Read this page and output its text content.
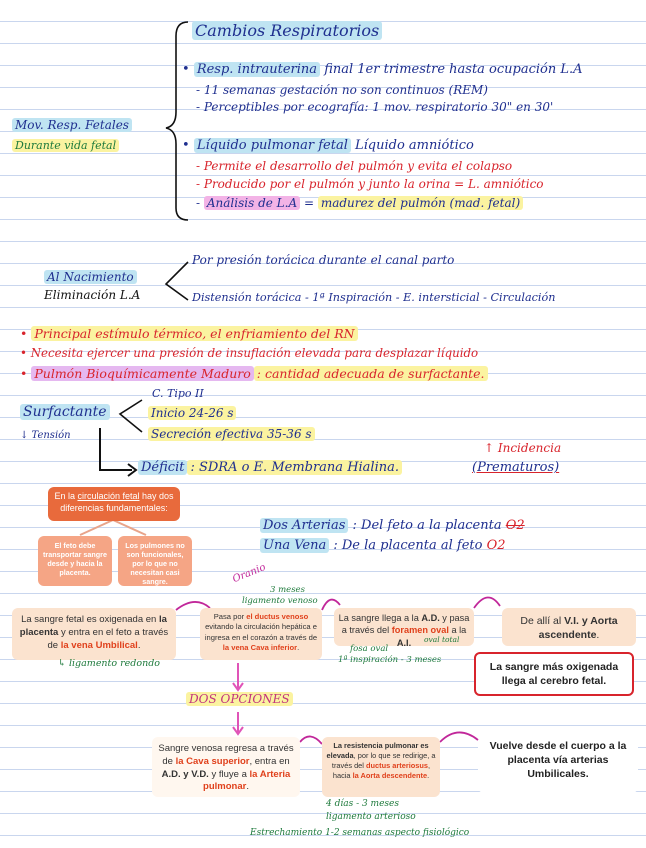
Cambios Respiratorios
Mov. Resp. Fetales
Durante vida fetal
• Resp. intrauterina final 1er trimestre hasta ocupación L.A
- 11 semanas gestación no son continuos (REM)
- Perceptibles por ecografía: 1 mov. respiratorio 30" en 30'
• Líquido pulmonar fetal Líquido amniótico
- Permite el desarrollo del pulmón y evita el colapso
- Producido por el pulmón y junto la orina = L. amniótico
- Análisis de L.A = madurez del pulmón (mad. fetal)
Al Nacimiento
Eliminación L.A
Por presión torácica durante el canal parto
Distensión torácica - 1ª Inspiración - E. intersticial - Circulación
• Principal estímulo térmico, el enfriamiento del RN
• Necesita ejercer una presión de insuflación elevada para desplazar líquido
• Pulmón Bioquímicamente Maduro : cantidad adecuada de surfactante.
Surfactante
↓ Tensión
C. Tipo II
Inicio 24-26 s
Secreción efectiva 35-36 s
↑ Incidencia
Déficit : SDRA o E. Membrana Hialina.	(Prematuros)
En la circulación fetal hay dos diferencias fundamentales:
El feto debe transportar sangre desde y hacia la placenta.
Los pulmones no son funcionales, por lo que no necesitan casi sangre.
Dos Arterias : Del feto a la placenta O2
Una Vena : De la placenta al feto O2
La sangre fetal es oxigenada en la placenta y entra en el feto a través de la vena Umbilical.
↳ ligamento redondo
Oranio
3 meses
ligamento venoso
Pasa por el ductus venoso evitando la circulación hepática e ingresa en el corazón a través de la vena Cava inferior.
La sangre llega a la A.D. y pasa a través del foramen oval a la A.I.	oval total
fosa oval
1ª inspiración - 3 meses
De allí al V.I. y Aorta ascendente.
La sangre más oxigenada llega al cerebro fetal.
DOS OPCIONES
Sangre venosa regresa a través de la Cava superior, entra en A.D. y V.D. y fluye a la Arteria pulmonar.
La resistencia pulmonar es elevada, por lo que se redirige, a través del ductus arteriosus, hacia la Aorta descendente.
4 días - 3 meses
ligamento arterioso
Estrechamiento 1-2 semanas aspecto fisiológico
Vuelve desde el cuerpo a la placenta vía arterias Umbilicales.
